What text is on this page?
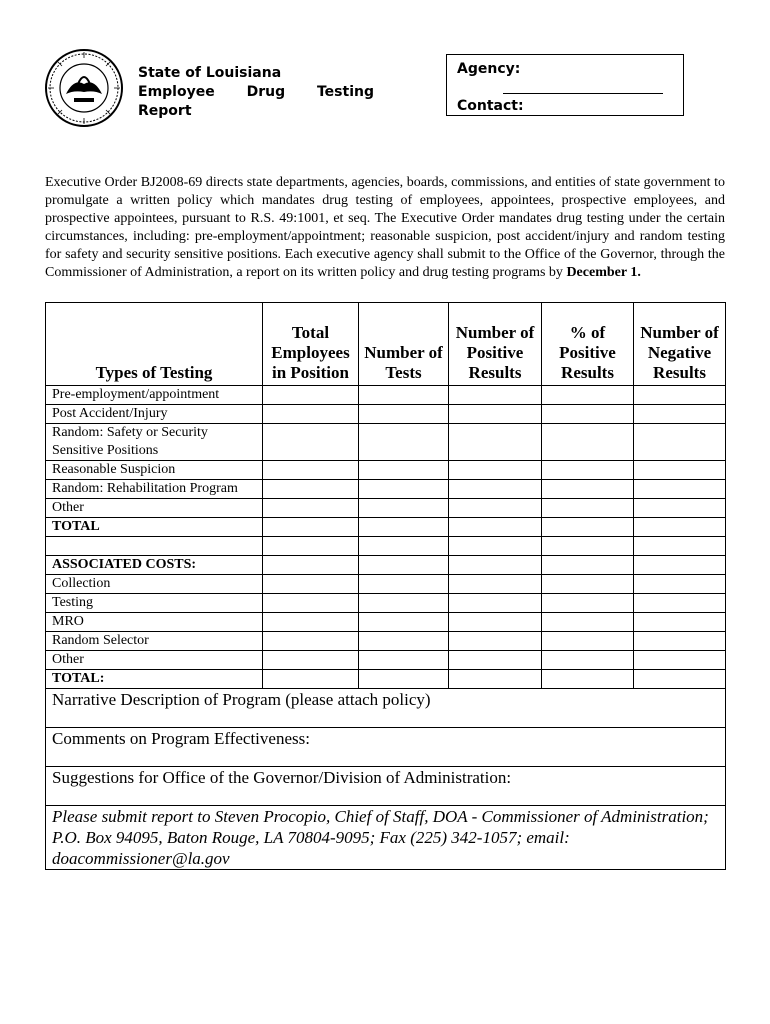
State of Louisiana
Employee Drug Testing
Report
Agency:
Contact:

Executive Order BJ2008-69 directs state departments, agencies, boards, commissions, and entities of state government to promulgate a written policy which mandates drug testing of employees, appointees, prospective employees, and prospective appointees, pursuant to R.S. 49:1001, et seq. The Executive Order mandates drug testing under the certain circumstances, including: pre-employment/appointment; reasonable suspicion, post accident/injury and random testing for safety and security sensitive positions. Each executive agency shall submit to the Office of the Governor, through the Commissioner of Administration, a report on its written policy and drug testing programs by December 1.

Types of Testing	Total Employees in Position	Number of Tests	Number of Positive Results	% of Positive Results	Number of Negative Results
Pre-employment/appointment					
Post Accident/Injury					
Random: Safety or Security Sensitive Positions					
Reasonable Suspicion					
Random: Rehabilitation Program					
Other					
TOTAL					

ASSOCIATED COSTS:					
Collection					
Testing					
MRO					
Random Selector					
Other					
TOTAL:					
Narrative Description of Program (please attach policy)					
Comments on Program Effectiveness:					
Suggestions for Office of the Governor/Division of Administration:					
Please submit report to Steven Procopio, Chief of Staff, DOA - Commissioner of Administration; P.O. Box 94095, Baton Rouge, LA 70804-9095; Fax (225) 342-1057; email: doacommissioner@la.gov					
